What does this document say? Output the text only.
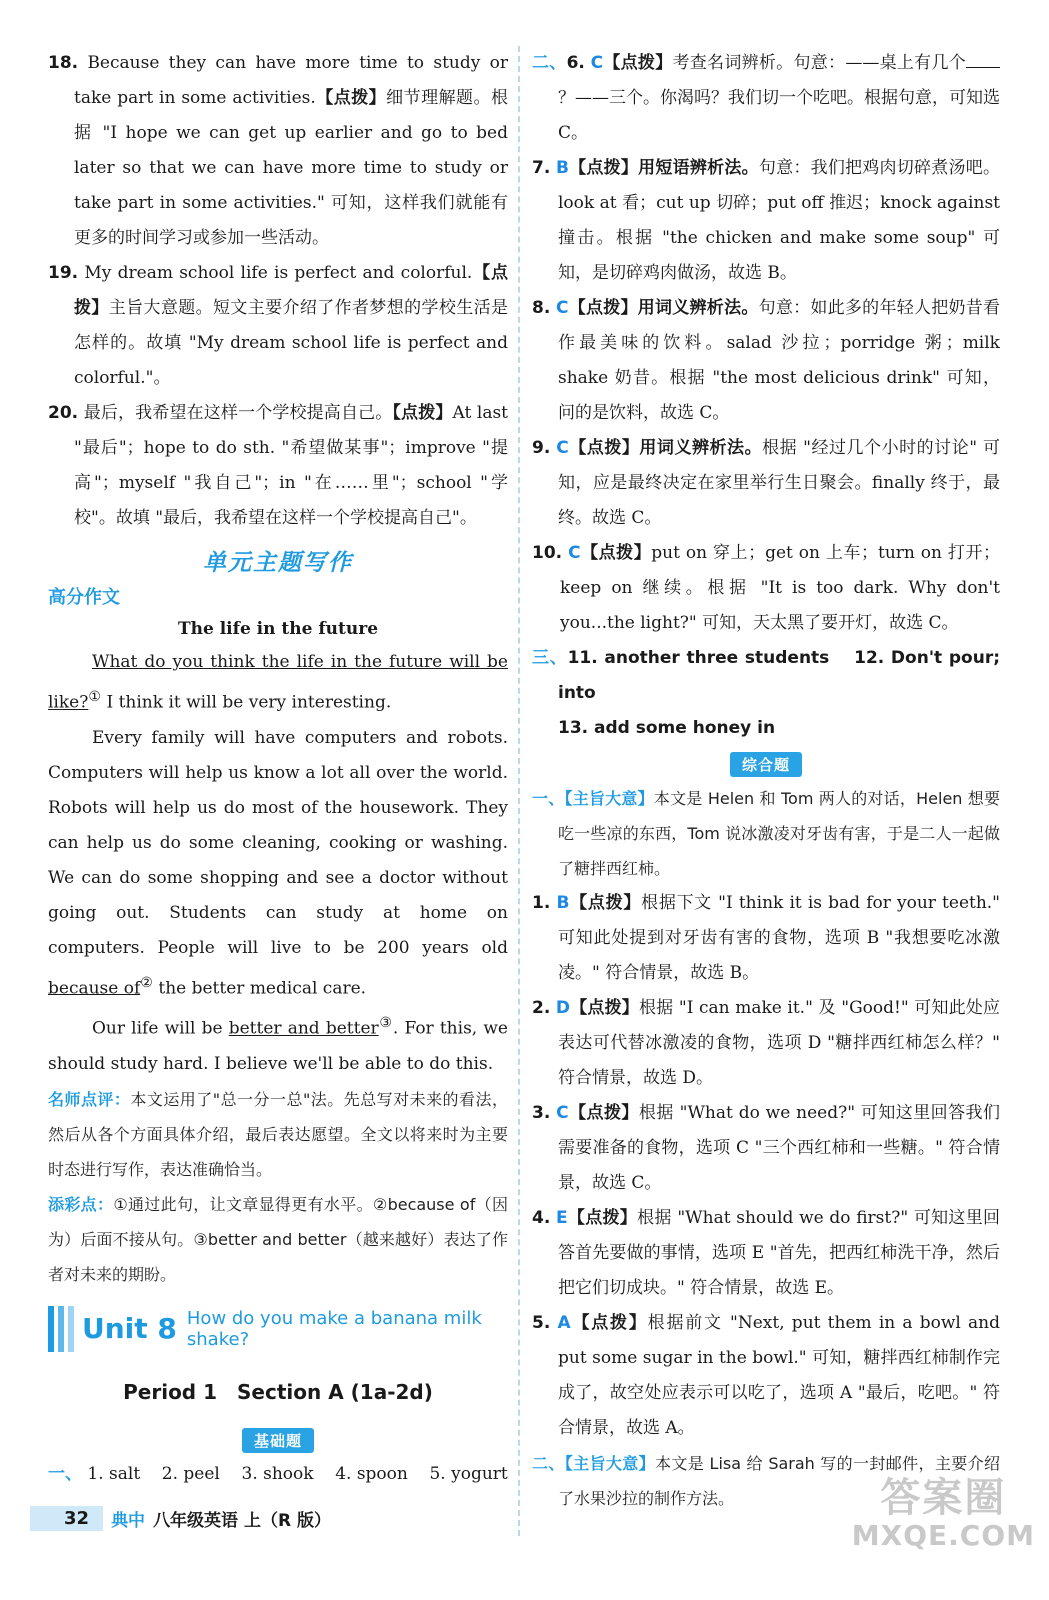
18. Because they can have more time to study or take part in some activities.【点拨】细节理解题。根据 "I hope we can get up earlier and go to bed later so that we can have more time to study or take part in some activities." 可知，这样我们就能有更多的时间学习或参加一些活动。

19. My dream school life is perfect and colorful.【点拨】主旨大意题。短文主要介绍了作者梦想的学校生活是怎样的。故填 "My dream school life is perfect and colorful."。

20. 最后，我希望在这样一个学校提高自己。【点拨】At last "最后"；hope to do sth. "希望做某事"；improve "提高"；myself "我自己"；in "在……里"；school "学校"。故填 "最后，我希望在这样一个学校提高自己"。

单元主题写作
高分作文
The life in the future

What do you think the life in the future will be like?① I think it will be very interesting.

Every family will have computers and robots. Computers will help us know a lot all over the world. Robots will help us do most of the housework. They can help us do some cleaning, cooking or washing. We can do some shopping and see a doctor without going out. Students can study at home on computers. People will live to be 200 years old because of② the better medical care.

Our life will be better and better③. For this, we should study hard. I believe we'll be able to do this.

名师点评：本文运用了"总一分一总"法。先总写对未来的看法，然后从各个方面具体介绍，最后表达愿望。全文以将来时为主要时态进行写作，表达准确恰当。

添彩点：①通过此句，让文章显得更有水平。②because of（因为）后面不接从句。③better and better（越来越好）表达了作者对未来的期盼。

Unit 8 How do you make a banana milk shake?
Period 1 Section A (1a-2d)
基础题

一、 1. salt 2. peel 3. shook 4. spoon 5. yogurt

二、6. C【点拨】考查名词辨析。句意：——桌上有几个？——三个。你渴吗？我们切一个吃吧。根据句意，可知选 C。

7. B【点拨】用短语辨析法。句意：我们把鸡肉切碎煮汤吧。look at 看；cut up 切碎；put off 推迟；knock against 撞击。根据 "the chicken and make some soup" 可知，是切碎鸡肉做汤，故选 B。

8. C【点拨】用词义辨析法。句意：如此多的年轻人把奶昔看作最美味的饮料。salad 沙拉；porridge 粥；milk shake 奶昔。根据 "the most delicious drink" 可知，问的是饮料，故选 C。

9. C【点拨】用词义辨析法。根据 "经过几个小时的讨论" 可知，应是最终决定在家里举行生日聚会。finally 终于，最终。故选 C。

10. C【点拨】put on 穿上；get on 上车；turn on 打开；keep on 继续。根据 "It is too dark. Why don't you...the light?" 可知，天太黑了要开灯，故选 C。

三、11. another three students 12. Don't pour; into
13. add some honey in

综合题

一、【主旨大意】本文是 Helen 和 Tom 两人的对话，Helen 想要吃一些凉的东西，Tom 说冰激凌对牙齿有害，于是二人一起做了糖拌西红柿。

1. B【点拨】根据下文 "I think it is bad for your teeth." 可知此处提到对牙齿有害的食物，选项 B "我想要吃冰激凌。" 符合情景，故选 B。

2. D【点拨】根据 "I can make it." 及 "Good!" 可知此处应表达可代替冰激凌的食物，选项 D "糖拌西红柿怎么样？" 符合情景，故选 D。

3. C【点拨】根据 "What do we need?" 可知这里回答我们需要准备的食物，选项 C "三个西红柿和一些糖。" 符合情景，故选 C。

4. E【点拨】根据 "What should we do first?" 可知这里回答首先要做的事情，选项 E "首先，把西红柿洗干净，然后把它们切成块。" 符合情景，故选 E。

5. A【点拨】根据前文 "Next, put them in a bowl and put some sugar in the bowl." 可知，糖拌西红柿制作完成了，故空处应表示可以吃了，选项 A "最后，吃吧。" 符合情景，故选 A。

二、【主旨大意】本文是 Lisa 给 Sarah 写的一封邮件，主要介绍了水果沙拉的制作方法。

32	典中 八年级英语 上（R 版）	答案圈
MXQE.COM
